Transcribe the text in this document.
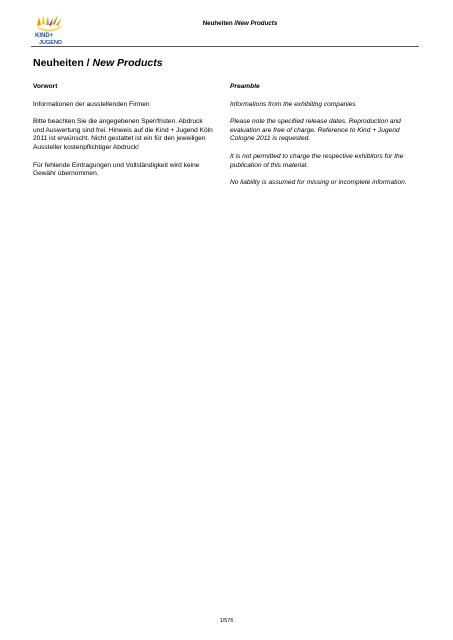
KIND+
JUGEND
Neuheiten /New Products
Neuheiten / New Products
Vorwort

Informationen der ausstellenden Firmen

Bitte beachten Sie die angegebenen Sperrfristen. Abdruck und Auswertung sind frei. Hinweis auf die Kind + Jugend Köln 2011 ist erwünscht. Nicht gestattet ist ein für den jeweiligen Aussteller kostenpflichtiger Abdruck!

Für fehlende Eintragungen und Vollständigkeit wird keine Gewähr übernommen.

Preamble

Informations from the exhibiting companies

Please note the specified release dates. Reproduction and evaluation are free of charge. Reference to Kind + Jugend Cologne 2011 is requested.

It is not permitted to charge the respective exhibitors for the publication of this material.

No liability is assumed for missing or incomplete information.

1/576
